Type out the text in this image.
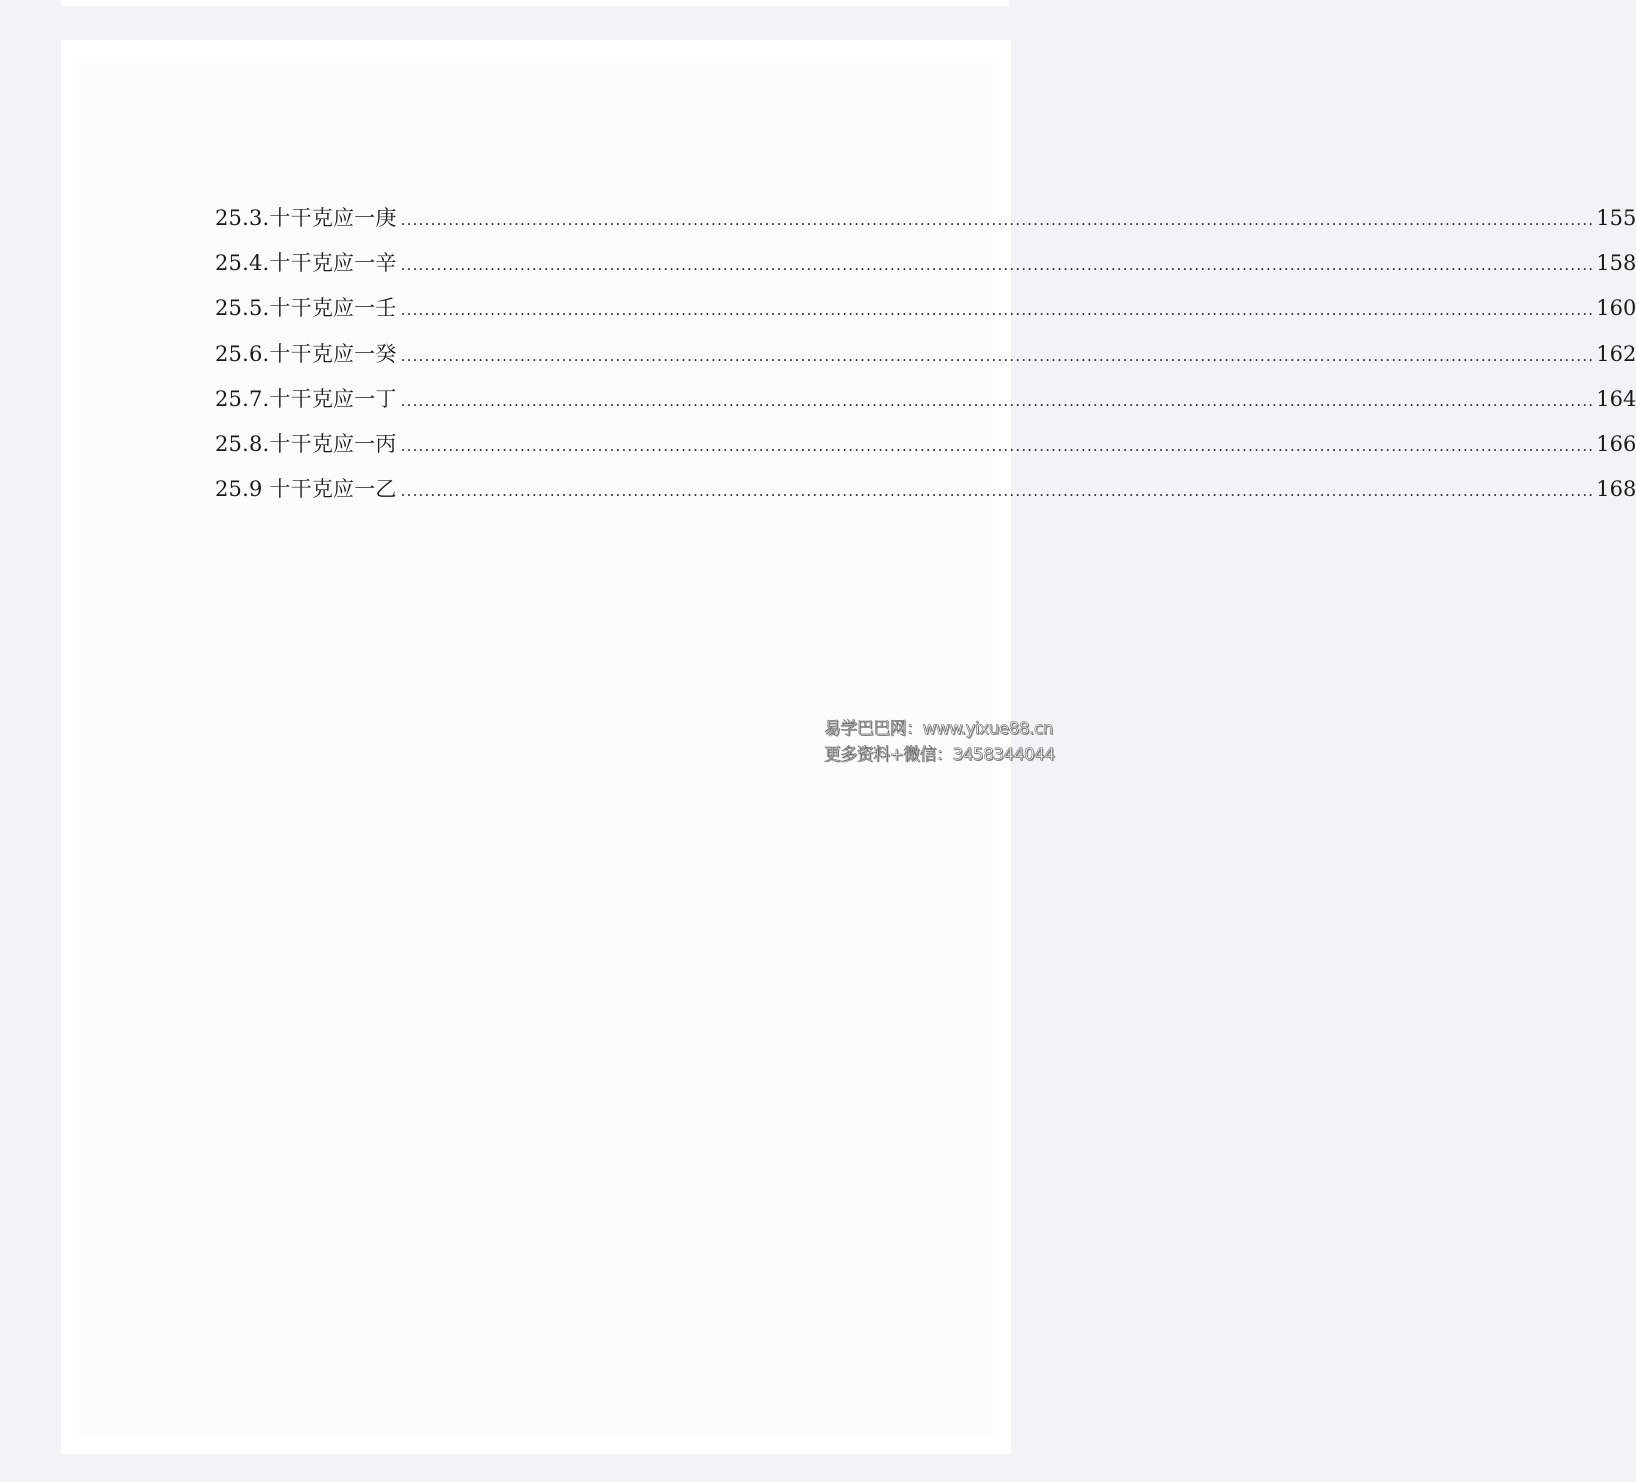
25.3.十干克应一庚 ........................................................................................................................................................................................................ 155
25.4.十干克应一辛 ........................................................................................................................................................................................................ 158
25.5.十干克应一壬 ........................................................................................................................................................................................................ 160
25.6.十干克应一癸 ........................................................................................................................................................................................................ 162
25.7.十干克应一丁 ........................................................................................................................................................................................................ 164
25.8.十干克应一丙 ........................................................................................................................................................................................................ 166
25.9 十干克应一乙 ........................................................................................................................................................................................................ 168
易学巴巴网：www.yixue88.cn
更多资料+微信：3458344044
